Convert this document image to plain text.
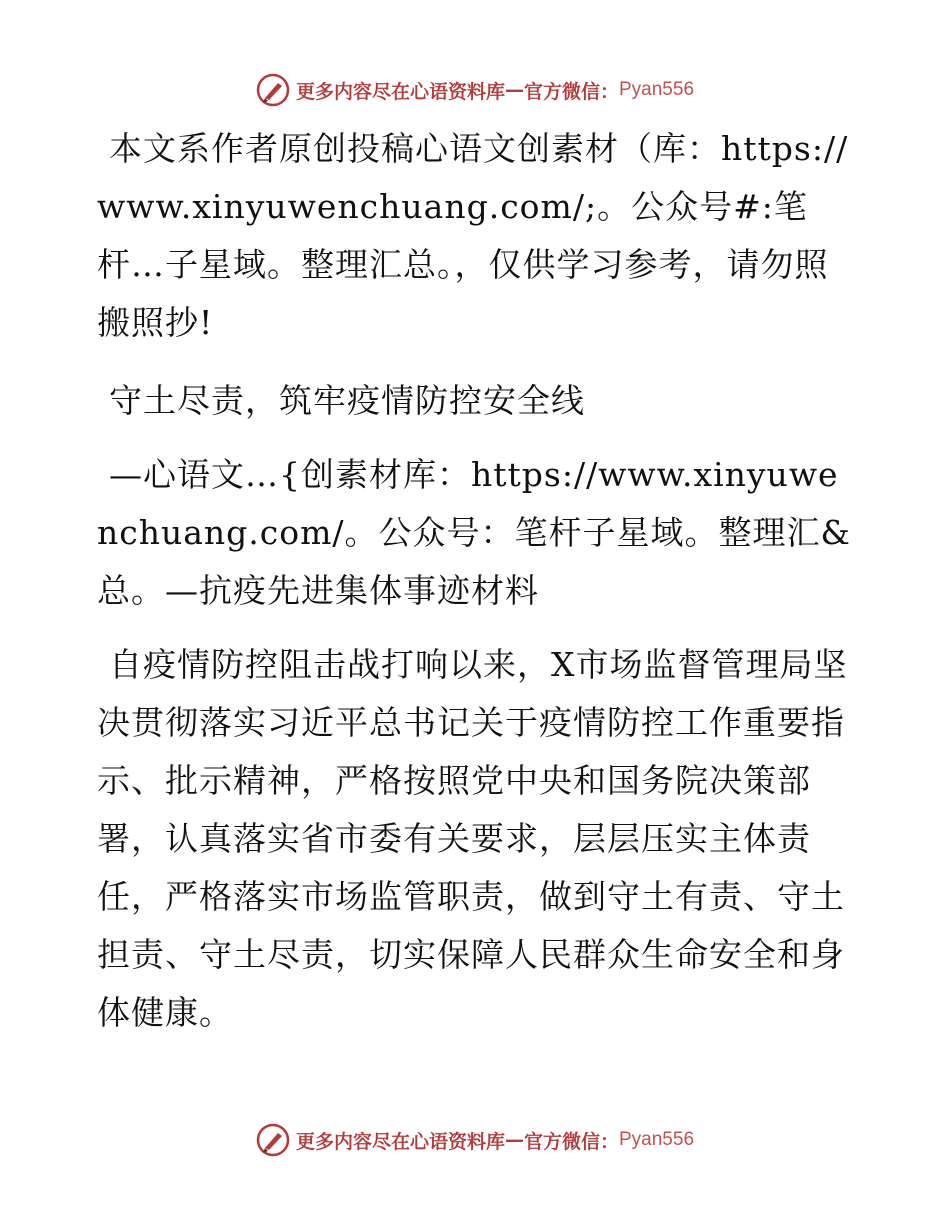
更多内容尽在心语资料库 — 官方微信： Pyan556

本文系作者原创投稿心语文创素材（库：https://www.xinyuwenchuang.com/;。公众号#:笔杆…子星域。整理汇总。，仅供学习参考，请勿照搬照抄!

守土尽责，筑牢疫情防控安全线

—心语文…{创素材库：https://www.xinyuwenchuang.com/。公众号：笔杆子星域。整理汇&总。—抗疫先进集体事迹材料

自疫情防控阻击战打响以来，X市场监督管理局坚决贯彻落实习近平总书记关于疫情防控工作重要指示、批示精神，严格按照党中央和国务院决策部署，认真落实省市委有关要求，层层压实主体责任，严格落实市场监管职责，做到守土有责、守土担责、守土尽责，切实保障人民群众生命安全和身体健康。

更多内容尽在心语资料库 — 官方微信： Pyan556
